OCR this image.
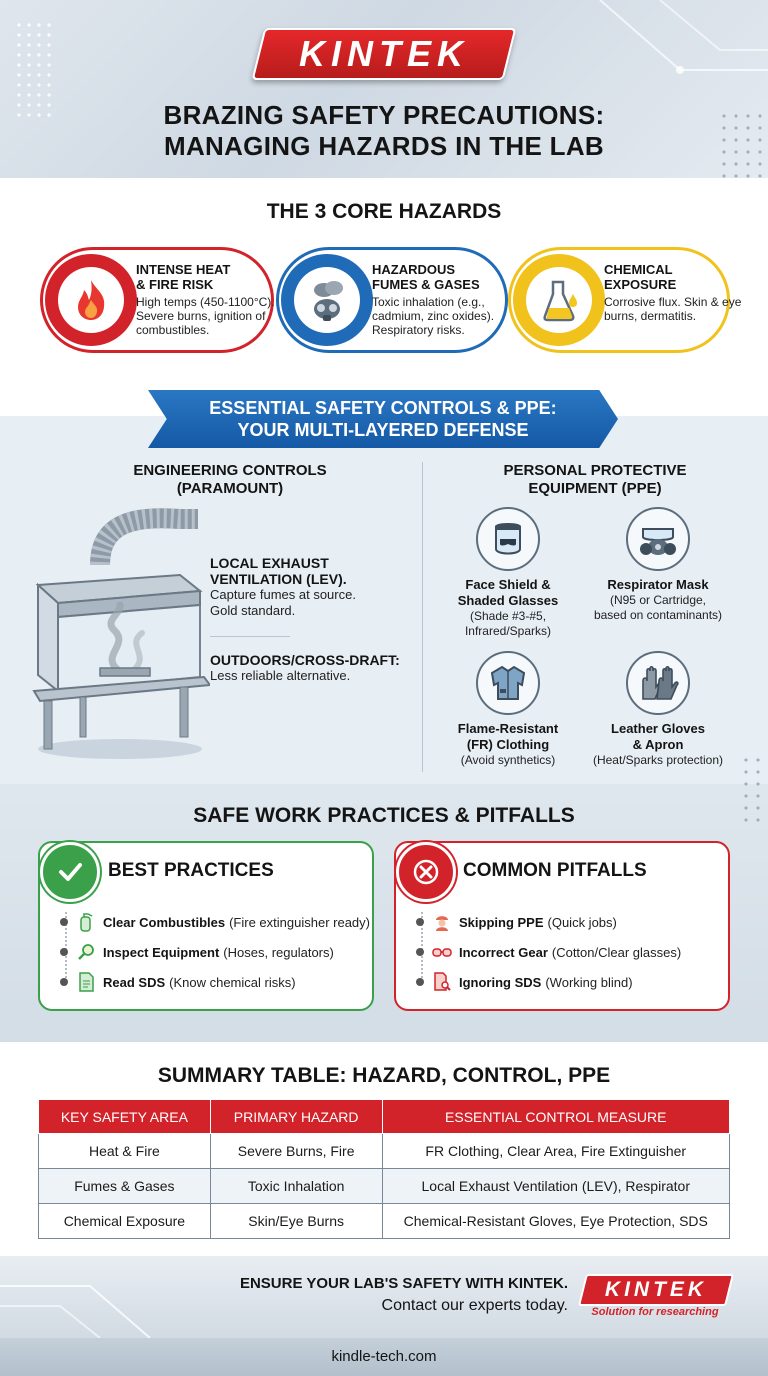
KINTEK
BRAZING SAFETY PRECAUTIONS:
MANAGING HAZARDS IN THE LAB
THE 3 CORE HAZARDS
INTENSE HEAT
& FIRE RISK
High temps (450-1100°C). Severe burns, ignition of combustibles.
HAZARDOUS
FUMES & GASES
Toxic inhalation (e.g., cadmium, zinc oxides). Respiratory risks.
CHEMICAL
EXPOSURE
Corrosive flux. Skin & eye burns, dermatitis.
ESSENTIAL SAFETY CONTROLS & PPE:
YOUR MULTI-LAYERED DEFENSE
ENGINEERING CONTROLS
(PARAMOUNT)
LOCAL EXHAUST VENTILATION (LEV).
Capture fumes at source.
Gold standard.
OUTDOORS/CROSS-DRAFT:
Less reliable alternative.
PERSONAL PROTECTIVE
EQUIPMENT (PPE)
Face Shield &
Shaded Glasses
(Shade #3-#5,
Infrared/Sparks)
Respirator Mask
(N95 or Cartridge,
based on contaminants)
Flame-Resistant
(FR) Clothing
(Avoid synthetics)
Leather Gloves
& Apron
(Heat/Sparks protection)
SAFE WORK PRACTICES & PITFALLS
BEST PRACTICES
Clear Combustibles (Fire extinguisher ready)
Inspect Equipment (Hoses, regulators)
Read SDS (Know chemical risks)
COMMON PITFALLS
Skipping PPE (Quick jobs)
Incorrect Gear (Cotton/Clear glasses)
Ignoring SDS (Working blind)
SUMMARY TABLE: HAZARD, CONTROL, PPE
KEY SAFETY AREA	PRIMARY HAZARD	ESSENTIAL CONTROL MEASURE
Heat & Fire	Severe Burns, Fire	FR Clothing, Clear Area, Fire Extinguisher
Fumes & Gases	Toxic Inhalation	Local Exhaust Ventilation (LEV), Respirator
Chemical Exposure	Skin/Eye Burns	Chemical-Resistant Gloves, Eye Protection, SDS
ENSURE YOUR LAB'S SAFETY WITH KINTEK.
Contact our experts today.
KINTEK
Solution for researching
kindle-tech.com
